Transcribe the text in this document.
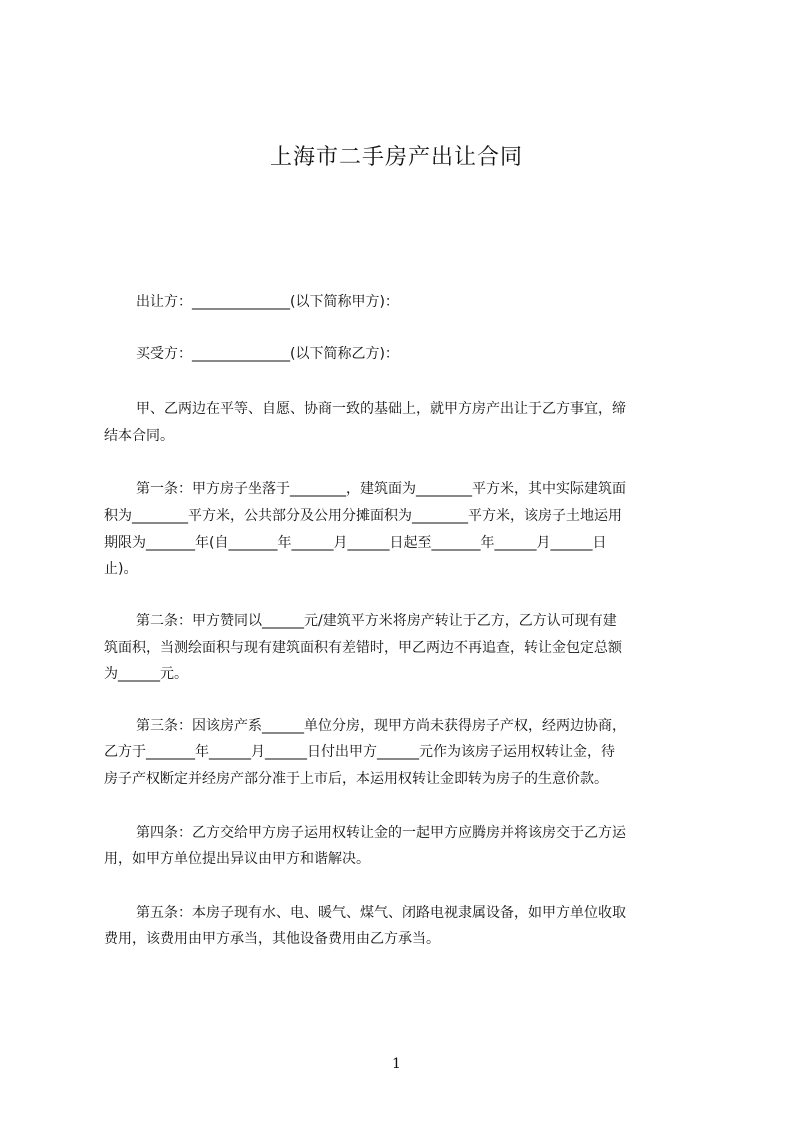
上海市二手房产出让合同

出让方：______________(以下简称甲方)：

买受方：______________(以下简称乙方)：

甲、乙两边在平等、自愿、协商一致的基础上，就甲方房产出让于乙方事宜，缔

结本合同。

第一条：甲方房子坐落于________，建筑面为________平方米，其中实际建筑面

积为________平方米，公共部分及公用分摊面积为________平方米，该房子土地运用

期限为_______年(自_______年______月______日起至_______年______月______日

止)。

第二条：甲方赞同以______元/建筑平方米将房产转让于乙方，乙方认可现有建

筑面积，当测绘面积与现有建筑面积有差错时，甲乙两边不再追查，转让金包定总额

为______元。

第三条：因该房产系______单位分房，现甲方尚未获得房子产权，经两边协商，

乙方于_______年______月______日付出甲方______元作为该房子运用权转让金，待

房子产权断定并经房产部分准于上市后，本运用权转让金即转为房子的生意价款。

第四条：乙方交给甲方房子运用权转让金的一起甲方应腾房并将该房交于乙方运

用，如甲方单位提出异议由甲方和谐解决。

第五条：本房子现有水、电、暖气、煤气、闭路电视隶属设备，如甲方单位收取

费用，该费用由甲方承当，其他设备费用由乙方承当。

1
